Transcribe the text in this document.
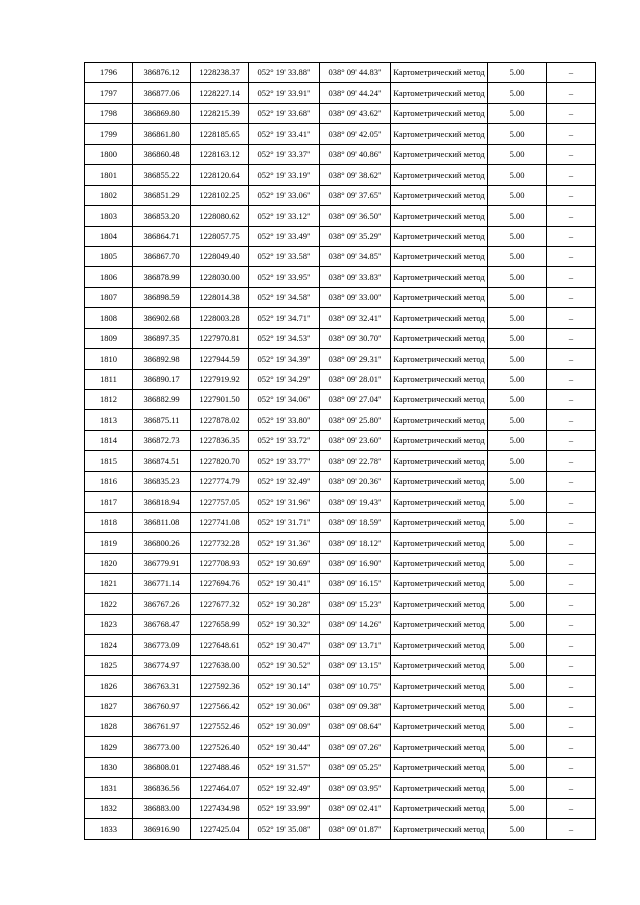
1796	386876.12	1228238.37	052° 19' 33.88"	038° 09' 44.83"	Картометрический метод	5.00	–
1797	386877.06	1228227.14	052° 19' 33.91"	038° 09' 44.24"	Картометрический метод	5.00	–
1798	386869.80	1228215.39	052° 19' 33.68"	038° 09' 43.62"	Картометрический метод	5.00	–
1799	386861.80	1228185.65	052° 19' 33.41"	038° 09' 42.05"	Картометрический метод	5.00	–
1800	386860.48	1228163.12	052° 19' 33.37"	038° 09' 40.86"	Картометрический метод	5.00	–
1801	386855.22	1228120.64	052° 19' 33.19"	038° 09' 38.62"	Картометрический метод	5.00	–
1802	386851.29	1228102.25	052° 19' 33.06"	038° 09' 37.65"	Картометрический метод	5.00	–
1803	386853.20	1228080.62	052° 19' 33.12"	038° 09' 36.50"	Картометрический метод	5.00	–
1804	386864.71	1228057.75	052° 19' 33.49"	038° 09' 35.29"	Картометрический метод	5.00	–
1805	386867.70	1228049.40	052° 19' 33.58"	038° 09' 34.85"	Картометрический метод	5.00	–
1806	386878.99	1228030.00	052° 19' 33.95"	038° 09' 33.83"	Картометрический метод	5.00	–
1807	386898.59	1228014.38	052° 19' 34.58"	038° 09' 33.00"	Картометрический метод	5.00	–
1808	386902.68	1228003.28	052° 19' 34.71"	038° 09' 32.41"	Картометрический метод	5.00	–
1809	386897.35	1227970.81	052° 19' 34.53"	038° 09' 30.70"	Картометрический метод	5.00	–
1810	386892.98	1227944.59	052° 19' 34.39"	038° 09' 29.31"	Картометрический метод	5.00	–
1811	386890.17	1227919.92	052° 19' 34.29"	038° 09' 28.01"	Картометрический метод	5.00	–
1812	386882.99	1227901.50	052° 19' 34.06"	038° 09' 27.04"	Картометрический метод	5.00	–
1813	386875.11	1227878.02	052° 19' 33.80"	038° 09' 25.80"	Картометрический метод	5.00	–
1814	386872.73	1227836.35	052° 19' 33.72"	038° 09' 23.60"	Картометрический метод	5.00	–
1815	386874.51	1227820.70	052° 19' 33.77"	038° 09' 22.78"	Картометрический метод	5.00	–
1816	386835.23	1227774.79	052° 19' 32.49"	038° 09' 20.36"	Картометрический метод	5.00	–
1817	386818.94	1227757.05	052° 19' 31.96"	038° 09' 19.43"	Картометрический метод	5.00	–
1818	386811.08	1227741.08	052° 19' 31.71"	038° 09' 18.59"	Картометрический метод	5.00	–
1819	386800.26	1227732.28	052° 19' 31.36"	038° 09' 18.12"	Картометрический метод	5.00	–
1820	386779.91	1227708.93	052° 19' 30.69"	038° 09' 16.90"	Картометрический метод	5.00	–
1821	386771.14	1227694.76	052° 19' 30.41"	038° 09' 16.15"	Картометрический метод	5.00	–
1822	386767.26	1227677.32	052° 19' 30.28"	038° 09' 15.23"	Картометрический метод	5.00	–
1823	386768.47	1227658.99	052° 19' 30.32"	038° 09' 14.26"	Картометрический метод	5.00	–
1824	386773.09	1227648.61	052° 19' 30.47"	038° 09' 13.71"	Картометрический метод	5.00	–
1825	386774.97	1227638.00	052° 19' 30.52"	038° 09' 13.15"	Картометрический метод	5.00	–
1826	386763.31	1227592.36	052° 19' 30.14"	038° 09' 10.75"	Картометрический метод	5.00	–
1827	386760.97	1227566.42	052° 19' 30.06"	038° 09' 09.38"	Картометрический метод	5.00	–
1828	386761.97	1227552.46	052° 19' 30.09"	038° 09' 08.64"	Картометрический метод	5.00	–
1829	386773.00	1227526.40	052° 19' 30.44"	038° 09' 07.26"	Картометрический метод	5.00	–
1830	386808.01	1227488.46	052° 19' 31.57"	038° 09' 05.25"	Картометрический метод	5.00	–
1831	386836.56	1227464.07	052° 19' 32.49"	038° 09' 03.95"	Картометрический метод	5.00	–
1832	386883.00	1227434.98	052° 19' 33.99"	038° 09' 02.41"	Картометрический метод	5.00	–
1833	386916.90	1227425.04	052° 19' 35.08"	038° 09' 01.87"	Картометрический метод	5.00	–
